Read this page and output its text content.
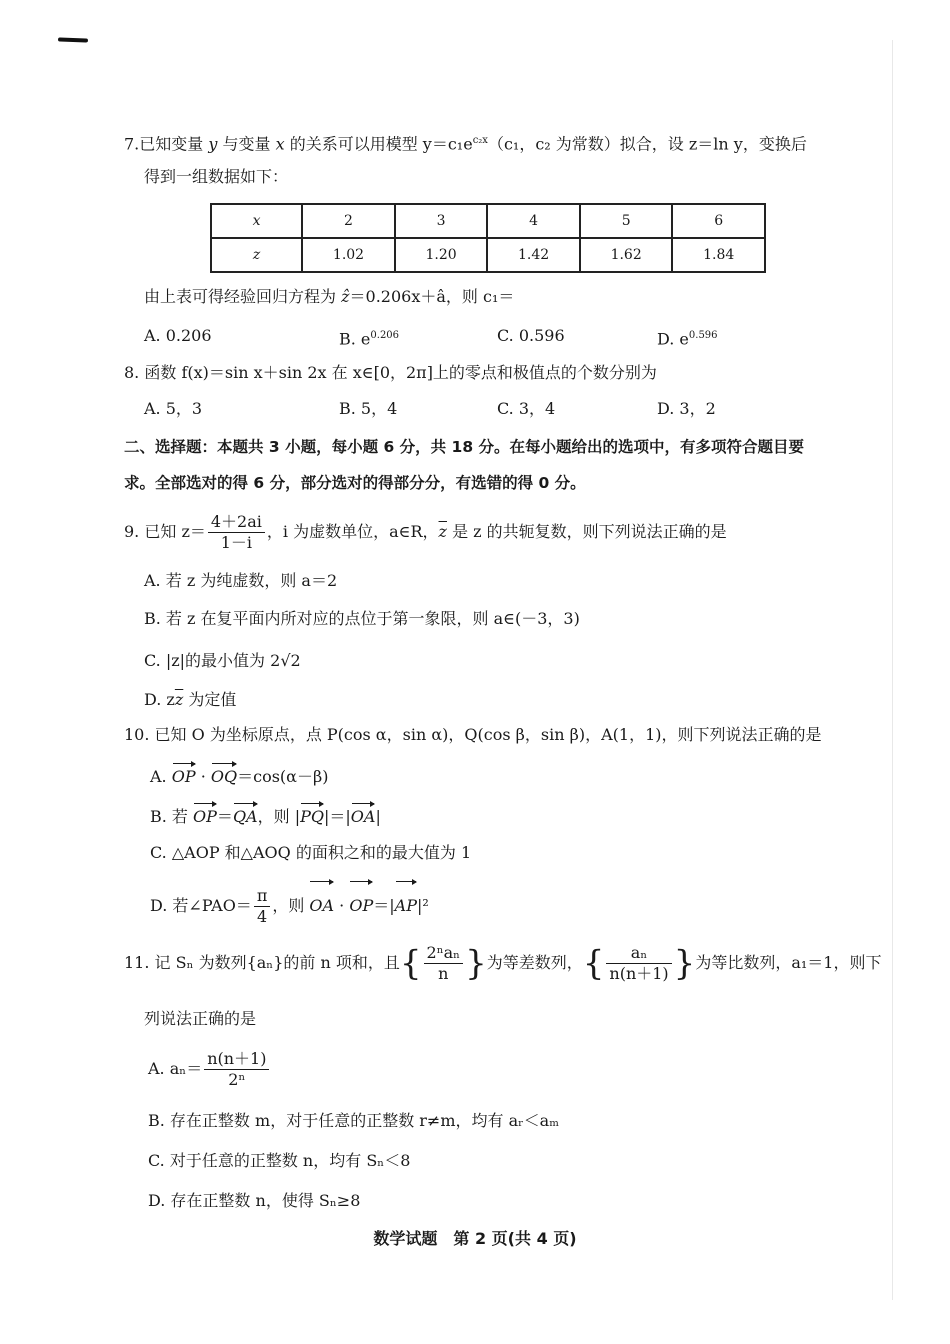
7.已知变量 y 与变量 x 的关系可以用模型 $y=c_1e^{c_2x}(c_1$，c₂ 为常数）拟合，设 z＝ln y，变换后
得到一组数据如下：
x	2	3	4	5	6
z	1.02	1.20	1.42	1.62	1.84
由上表可得经验回归方程为 ẑ＝0.206x＋â，则 c₁＝
A. 0.206	B. $e^{0.206}$	C. 0.596	D. $e^{0.596}$
8. 函数 f(x)＝sin x＋sin 2x 在 x∈[0，2π]上的零点和极值点的个数分别为
A. 5，3	B. 5，4	C. 3，4	D. 3，2
二、选择题：本题共 3 小题，每小题 6 分，共 18 分。在每小题给出的选项中，有多项符合题目要
求。全部选对的得 6 分，部分选对的得部分分，有选错的得 0 分。
9. 已知 $z= \frac{4+2ai}{1-i}$ ，i 为虚数单位，a∈R，$\overline{z}$ 是 z 的共轭复数，则下列说法正确的是
A. 若 z 为纯虚数，则 a＝2
B. 若 z 在复平面内所对应的点位于第一象限，则 a∈(－3，3)
C. |z|的最小值为 2√2
D. $z\overline{z}$ 为定值
10. 已知 O 为坐标原点，点 P(cos α，sin α)，Q(cos β，sin β)，A(1，1)，则下列说法正确的是
A. OP · OQ＝cos(α－β)
B. 若 OP＝QA，则 |PQ|＝|OA|
C. △AOP 和△AOQ 的面积之和的最大值为 1
D. 若∠PAO＝ $\frac{\pi}{4}$ ，则 OA · OP＝|AP|²
11. 记 Sₙ 为数列{aₙ}的前 n 项和，且{ $\frac{\text{2ⁿaₙ}}{n}$ }为等差数列，{ $\frac{\text{aₙ}}{n(n+1)}$ }为等比数列，a₁＝1，则下
列说法正确的是
A. $a_n= \frac{n(n+1)}{\text{2ⁿ}}$
B. 存在正整数 m，对于任意的正整数 r≠m，均有 aᵣ＜aₘ
C. 对于任意的正整数 n，均有 Sₙ＜8
D. 存在正整数 n，使得 Sₙ≥8
数学试题　第 2 页(共 4 页)
